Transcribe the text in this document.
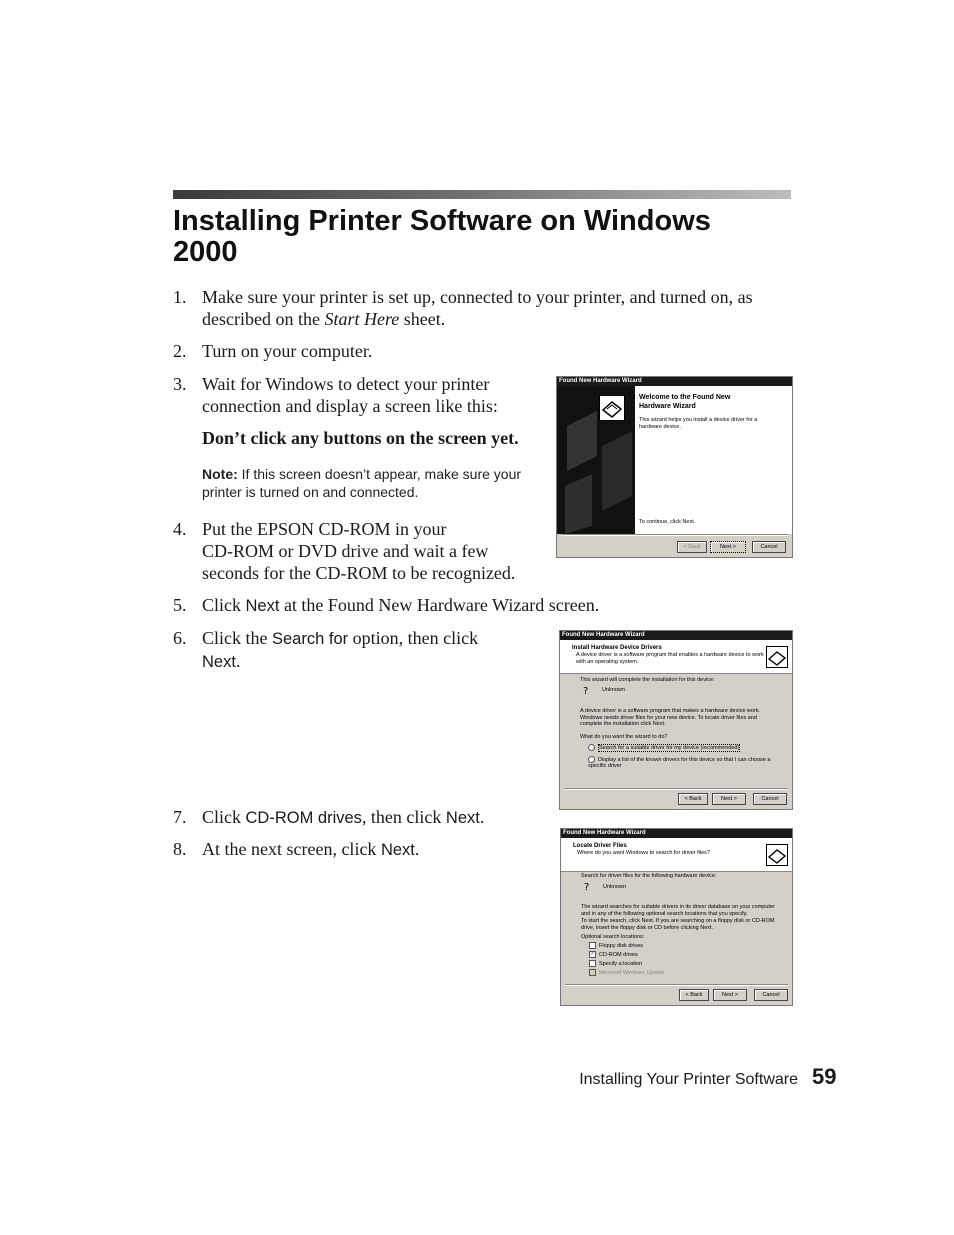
Installing Printer Software on Windows 2000
1. Make sure your printer is set up, connected to your printer, and turned on, as
described on the Start Here sheet.
2. Turn on your computer.
3. Wait for Windows to detect your printer
connection and display a screen like this:
Don’t click any buttons on the screen yet.
Note: If this screen doesn’t appear, make sure your printer is turned on and connected.
4. Put the EPSON CD-ROM in your
CD-ROM or DVD drive and wait a few
seconds for the CD-ROM to be recognized.
5. Click Next at the Found New Hardware Wizard screen.
6. Click the Search for option, then click
Next.
7. Click CD-ROM drives, then click Next.
8. At the next screen, click Next.
Found New Hardware Wizard
Welcome to the Found New Hardware Wizard
This wizard helps you install a device driver for a hardware device.
To continue, click Next.
< Back	Next >	Cancel
Found New Hardware Wizard
Install Hardware Device Drivers
A device driver is a software program that enables a hardware device to work with an operating system.
This wizard will complete the installation for this device:
? Unknown
A device driver is a software program that makes a hardware device work. Windows needs driver files for your new device. To locate driver files and complete the installation click Next.
What do you want the wizard to do?
Search for a suitable driver for my device (recommended)
Display a list of the known drivers for this device so that I can choose a specific driver
< Back	Next >	Cancel
Found New Hardware Wizard
Locate Driver Files
Where do you want Windows to search for driver files?
Search for driver files for the following hardware device:
? Unknown
The wizard searches for suitable drivers in its driver database on your computer and in any of the following optional search locations that you specify.
To start the search, click Next. If you are searching on a floppy disk or CD-ROM drive, insert the floppy disk or CD before clicking Next.
Optional search locations:
Floppy disk drives
✓ CD-ROM drives
Specify a location
Microsoft Windows Update
< Back	Next >	Cancel
Installing Your Printer Software 59
